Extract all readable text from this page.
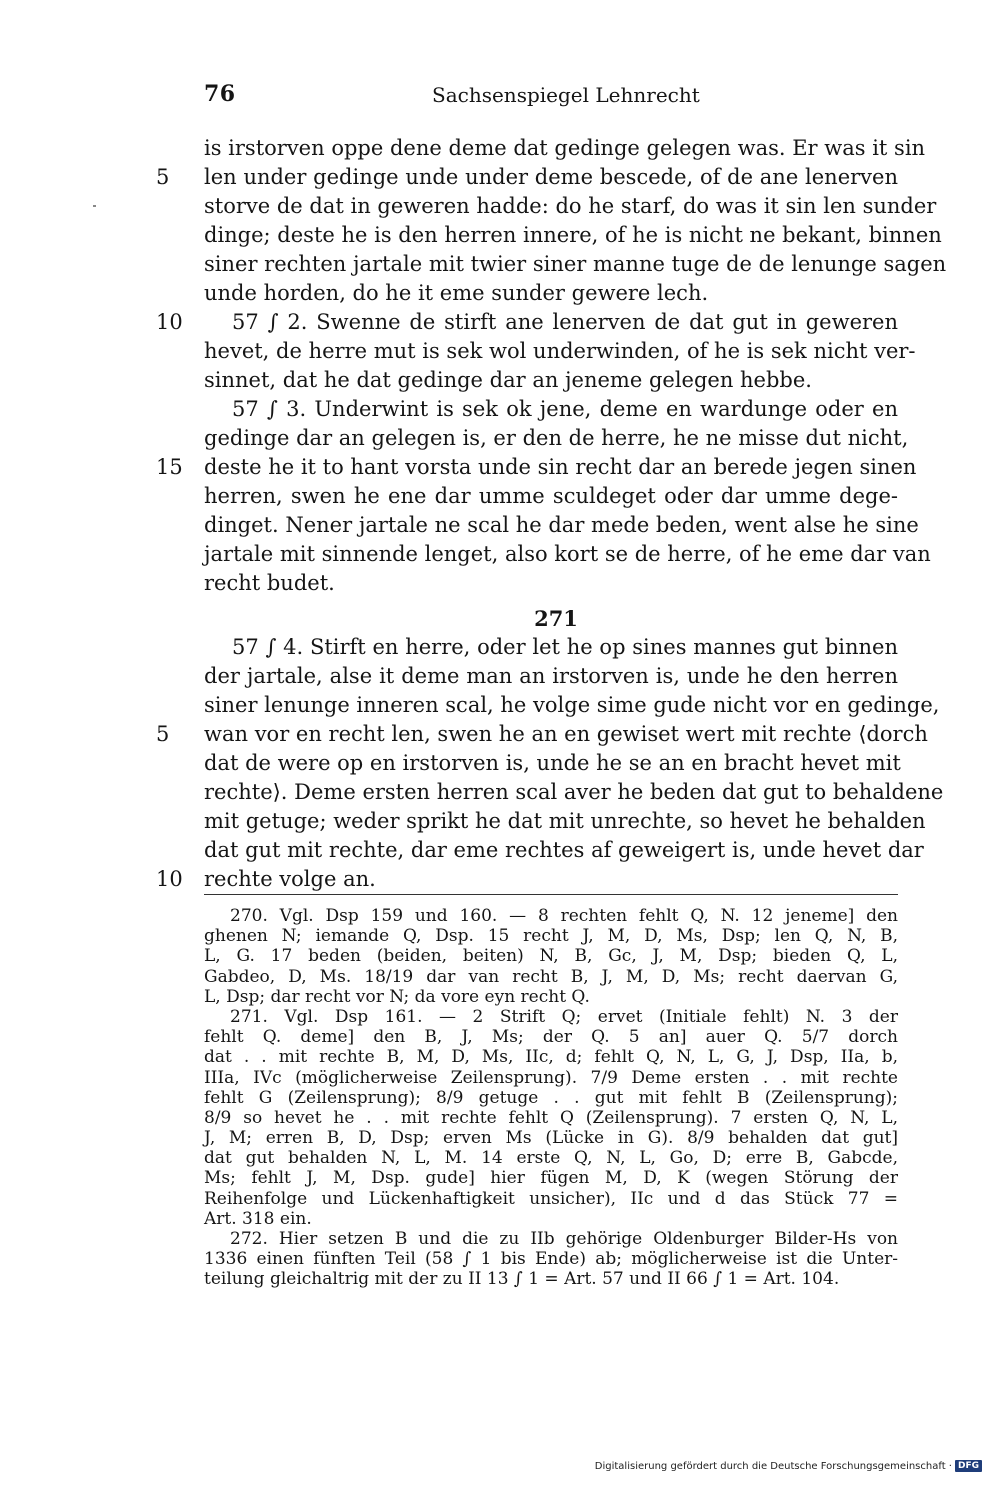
76	Sachsenspiegel Lehnrecht
is irstorven oppe dene deme dat gedinge gelegen was. Er was it sin
5	len under gedinge unde under deme bescede, of de ane lenerven
storve de dat in geweren hadde: do he starf, do was it sin len sunder
dinge; deste he is den herren innere, of he is nicht ne bekant, binnen
siner rechten jartale mit twier siner manne tuge de de lenunge sagen
unde horden, do he it eme sunder gewere lech.
10 57 ∫ 2. Swenne de stirft ane lenerven de dat gut in geweren
hevet, de herre mut is sek wol underwinden, of he is sek nicht ver-
sinnet, dat he dat gedinge dar an jeneme gelegen hebbe.
57 ∫ 3. Underwint is sek ok jene, deme en wardunge oder en
gedinge dar an gelegen is, er den de herre, he ne misse dut nicht,
15 deste he it to hant vorsta unde sin recht dar an berede jegen sinen
herren, swen he ene dar umme sculdeget oder dar umme dege-
dinget. Nener jartale ne scal he dar mede beden, went alse he sine
jartale mit sinnende lenget, also kort se de herre, of he eme dar van
recht budet.
271
57 ∫ 4. Stirft en herre, oder let he op sines mannes gut binnen
der jartale, alse it deme man an irstorven is, unde he den herren
siner lenunge inneren scal, he volge sime gude nicht vor en gedinge,
5	wan vor en recht len, swen he an en gewiset wert mit rechte ⟨dorch
dat de were op en irstorven is, unde he se an en bracht hevet mit
rechte⟩. Deme ersten herren scal aver he beden dat gut to behaldene
mit getuge; weder sprikt he dat mit unrechte, so hevet he behalden
dat gut mit rechte, dar eme rechtes af geweigert is, unde hevet dar
10 rechte volge an.
270. Vgl. Dsp 159 und 160. — 8 rechten fehlt Q, N. 12 jeneme] den
ghenen N; iemande Q, Dsp. 15 recht J, M, D, Ms, Dsp; len Q, N, B,
L, G. 17 beden (beiden, beiten) N, B, Gc, J, M, Dsp; bieden Q, L,
Gabdeo, D, Ms. 18/19 dar van recht B, J, M, D, Ms; recht daervan G,
L, Dsp; dar recht vor N; da vore eyn recht Q.
271. Vgl. Dsp 161. — 2 Strift Q; ervet (Initiale fehlt) N. 3 der
fehlt Q. deme] den B, J, Ms; der Q. 5 an] auer Q. 5/7 dorch
dat . . mit rechte B, M, D, Ms, IIc, d; fehlt Q, N, L, G, J, Dsp, IIa, b,
IIIa, IVc (möglicherweise Zeilensprung). 7/9 Deme ersten . . mit rechte
fehlt G (Zeilensprung); 8/9 getuge . . gut mit fehlt B (Zeilensprung);
8/9 so hevet he . . mit rechte fehlt Q (Zeilensprung). 7 ersten Q, N, L,
J, M; erren B, D, Dsp; erven Ms (Lücke in G). 8/9 behalden dat gut]
dat gut behalden N, L, M. 14 erste Q, N, L, Go, D; erre B, Gabcde,
Ms; fehlt J, M, Dsp. gude] hier fügen M, D, K (wegen Störung der
Reihenfolge und Lückenhaftigkeit unsicher), IIc und d das Stück 77 =
Art. 318 ein.
272. Hier setzen B und die zu IIb gehörige Oldenburger Bilder-Hs von
1336 einen fünften Teil (58 ∫ 1 bis Ende) ab; möglicherweise ist die Unter-
teilung gleichaltrig mit der zu II 13 ∫ 1 = Art. 57 und II 66 ∫ 1 = Art. 104.
Digitalisierung gefördert durch die Deutsche Forschungsgemeinschaft · DFG
